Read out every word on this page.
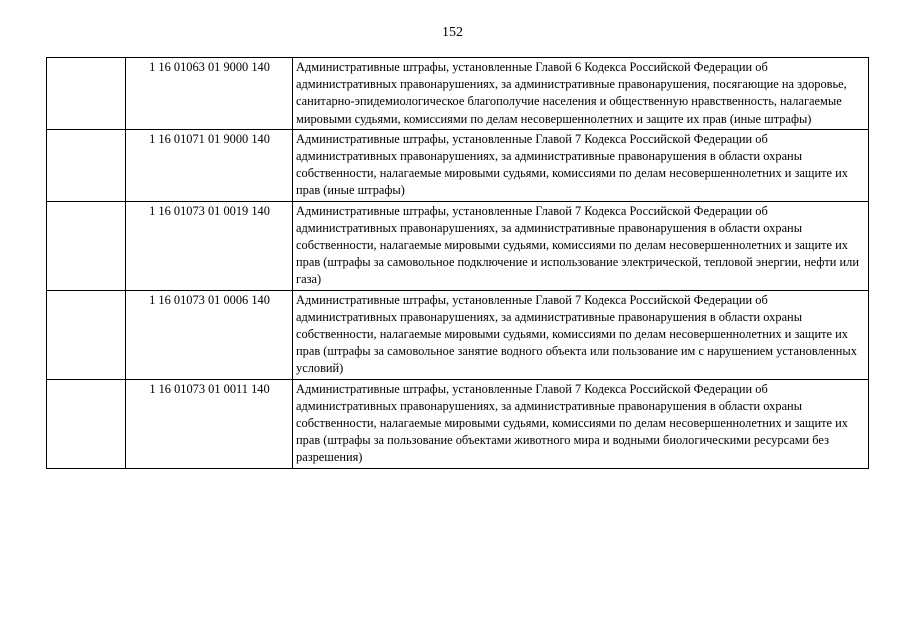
152
	1 16 01063 01 9000 140	Административные штрафы, установленные Главой 6 Кодекса Российской Федерации об административных правонарушениях, за административные правонарушения, посягающие на здоровье, санитарно-эпидемиологическое благополучие населения и общественную нравственность, налагаемые мировыми судьями, комиссиями по делам несовершеннолетних и защите их прав (иные штрафы)
	1 16 01071 01 9000 140	Административные штрафы, установленные Главой 7 Кодекса Российской Федерации об административных правонарушениях, за административные правонарушения в области охраны собственности, налагаемые мировыми судьями, комиссиями по делам несовершеннолетних и защите их прав (иные штрафы)
	1 16 01073 01 0019 140	Административные штрафы, установленные Главой 7 Кодекса Российской Федерации об административных правонарушениях, за административные правонарушения в области охраны собственности, налагаемые мировыми судьями, комиссиями по делам несовершеннолетних и защите их прав (штрафы за самовольное подключение и использование электрической, тепловой энергии, нефти или газа)
	1 16 01073 01 0006 140	Административные штрафы, установленные Главой 7 Кодекса Российской Федерации об административных правонарушениях, за административные правонарушения в области охраны собственности, налагаемые мировыми судьями, комиссиями по делам несовершеннолетних и защите их прав (штрафы за самовольное занятие водного объекта или пользование им с нарушением установленных условий)
	1 16 01073 01 0011 140	Административные штрафы, установленные Главой 7 Кодекса Российской Федерации об административных правонарушениях, за административные правонарушения в области охраны собственности, налагаемые мировыми судьями, комиссиями по делам несовершеннолетних и защите их прав (штрафы за пользование объектами животного мира и водными биологическими ресурсами без разрешения)
